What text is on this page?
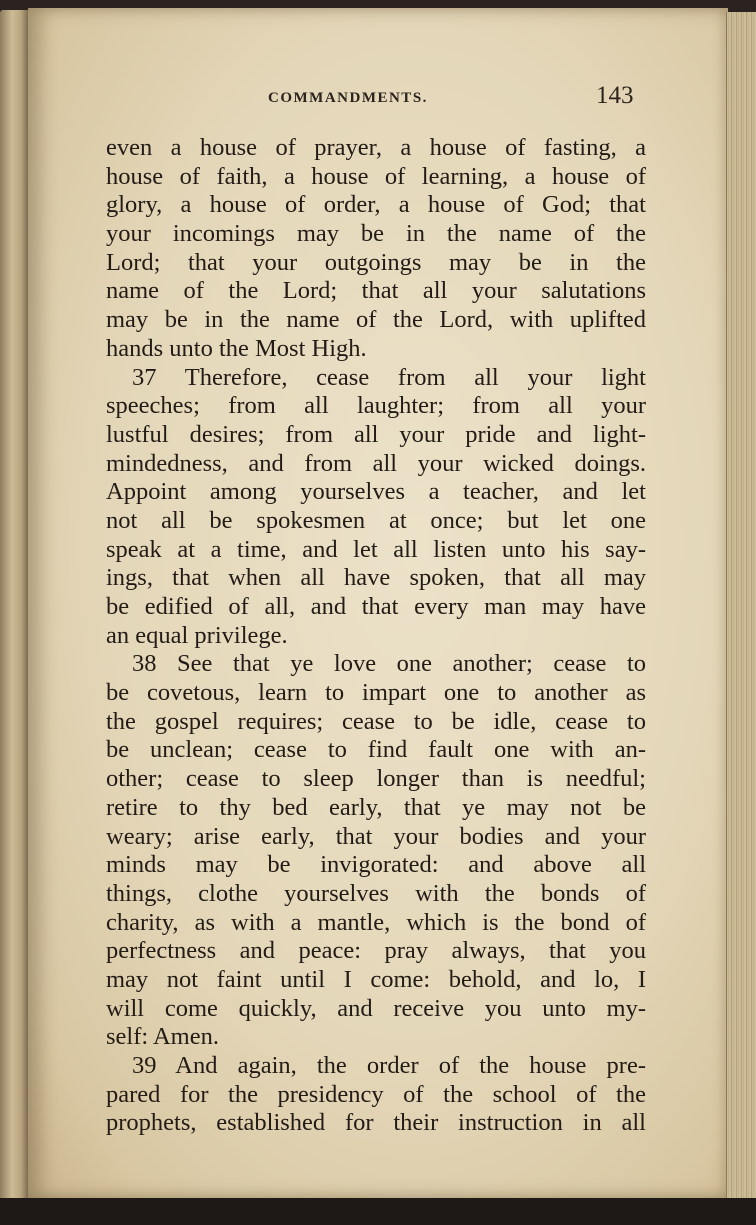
COMMANDMENTS.	143
even a house of prayer, a house of fasting, a
house of faith, a house of learning, a house of
glory, a house of order, a house of God; that
your incomings may be in the name of the
Lord; that your outgoings may be in the
name of the Lord; that all your salutations
may be in the name of the Lord, with uplifted
hands unto the Most High.
37 Therefore, cease from all your light
speeches; from all laughter; from all your
lustful desires; from all your pride and light-
mindedness, and from all your wicked doings.
Appoint among yourselves a teacher, and let
not all be spokesmen at once; but let one
speak at a time, and let all listen unto his say-
ings, that when all have spoken, that all may
be edified of all, and that every man may have
an equal privilege.
38 See that ye love one another; cease to
be covetous, learn to impart one to another as
the gospel requires; cease to be idle, cease to
be unclean; cease to find fault one with an-
other; cease to sleep longer than is needful;
retire to thy bed early, that ye may not be
weary; arise early, that your bodies and your
minds may be invigorated: and above all
things, clothe yourselves with the bonds of
charity, as with a mantle, which is the bond of
perfectness and peace: pray always, that you
may not faint until I come: behold, and lo, I
will come quickly, and receive you unto my-
self: Amen.
39 And again, the order of the house pre-
pared for the presidency of the school of the
prophets, established for their instruction in all
